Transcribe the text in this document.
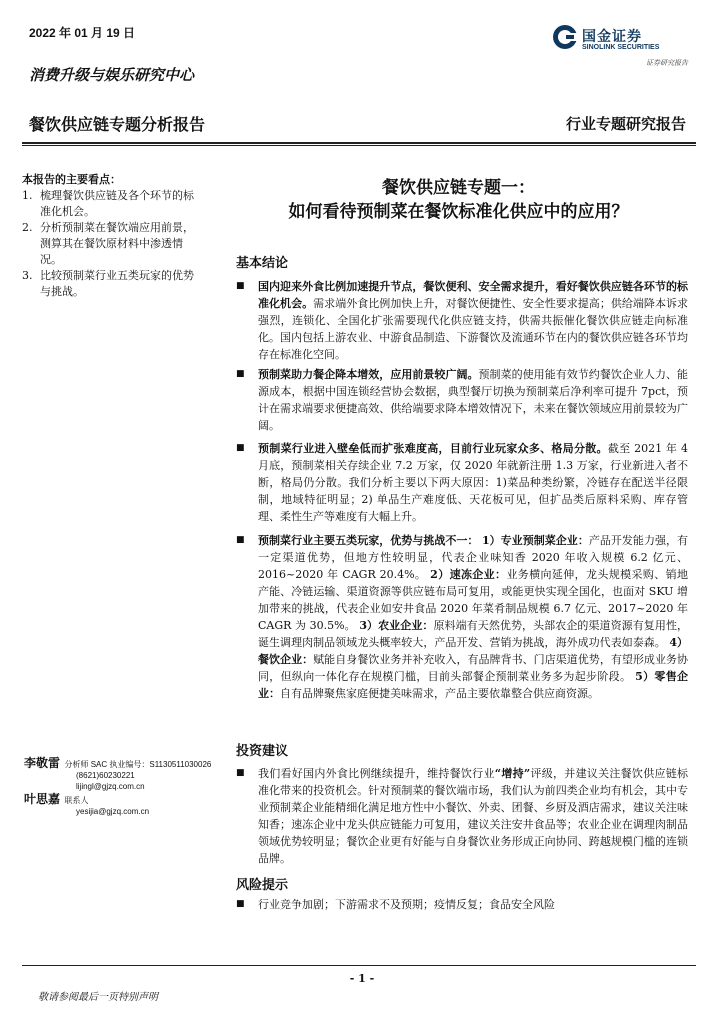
2022 年 01 月 19 日
消费升级与娱乐研究中心
餐饮供应链专题分析报告	行业专题研究报告
国金证券
SINOLINK SECURITIES
证券研究报告
本报告的主要看点：
1. 梳理餐饮供应链及各个环节的标准化机会。
2. 分析预制菜在餐饮端应用前景，测算其在餐饮原材料中渗透情况。
3. 比较预制菜行业五类玩家的优势与挑战。
餐饮供应链专题一：
如何看待预制菜在餐饮标准化供应中的应用？
基本结论
■	国内迎来外食比例加速提升节点，餐饮便利、安全需求提升，看好餐饮供应链各环节的标准化机会。需求端外食比例加快上升，对餐饮便捷性、安全性要求提高；供给端降本诉求强烈，连锁化、全国化扩张需要现代化供应链支持，供需共振催化餐饮供应链走向标准化。国内包括上游农业、中游食品制造、下游餐饮及流通环节在内的餐饮供应链各环节均存在标准化空间。
■	预制菜助力餐企降本增效，应用前景较广阔。预制菜的使用能有效节约餐饮企业人力、能源成本，根据中国连锁经营协会数据，典型餐厅切换为预制菜后净利率可提升 7pct，预计在需求端要求便捷高效、供给端要求降本增效情况下，未来在餐饮领域应用前景较为广阔。
■	预制菜行业进入壁垒低而扩张难度高，目前行业玩家众多、格局分散。截至 2021 年 4 月底，预制菜相关存续企业 7.2 万家，仅 2020 年就新注册 1.3 万家，行业新进入者不断，格局仍分散。我们分析主要以下两大原因：1)菜品种类纷繁，冷链存在配送半径限制，地域特征明显；2) 单品生产难度低、天花板可见，但扩品类后原料采购、库存管理、柔性生产等难度有大幅上升。
■	预制菜行业主要五类玩家，优势与挑战不一： 1）专业预制菜企业：产品开发能力强，有一定渠道优势，但地方性较明显，代表企业味知香 2020 年收入规模 6.2 亿元、2016~2020 年 CAGR 20.4%。 2）速冻企业：业务横向延伸，龙头规模采购、销地产能、冷链运输、渠道资源等供应链布局可复用，或能更快实现全国化，也面对 SKU 增加带来的挑战，代表企业如安井食品 2020 年菜肴制品规模 6.7 亿元、2017~2020 年 CAGR 为 30.5%。 3）农业企业：原料端有天然优势，头部农企的渠道资源有复用性，诞生调理肉制品领域龙头概率较大，产品开发、营销为挑战，海外成功代表如泰森。 4）餐饮企业：赋能自身餐饮业务并补充收入，有品牌背书、门店渠道优势，有望形成业务协同，但纵向一体化存在规模门槛，目前头部餐企预制菜业务多为起步阶段。 5）零售企业：自有品牌聚焦家庭便捷美味需求，产品主要依靠整合供应商资源。
投资建议
■	我们看好国内外食比例继续提升，维持餐饮行业“增持”评级，并建议关注餐饮供应链标准化带来的投资机会。针对预制菜的餐饮端市场，我们认为前四类企业均有机会，其中专业预制菜企业能精细化满足地方性中小餐饮、外卖、团餐、乡厨及酒店需求，建议关注味知香；速冻企业中龙头供应链能力可复用，建议关注安井食品等；农业企业在调理肉制品领域优势较明显；餐饮企业更有好能与自身餐饮业务形成正向协同、跨越规模门槛的连锁品牌。
风险提示
■	行业竞争加剧；下游需求不及预期；疫情反复；食品安全风险
李敬雷 分析师 SAC 执业编号：S1130511030026
(8621)60230221
lijingl@gjzq.com.cn
叶思嘉 联系人
yesijia@gjzq.com.cn
- 1 -
敬请参阅最后一页特别声明
